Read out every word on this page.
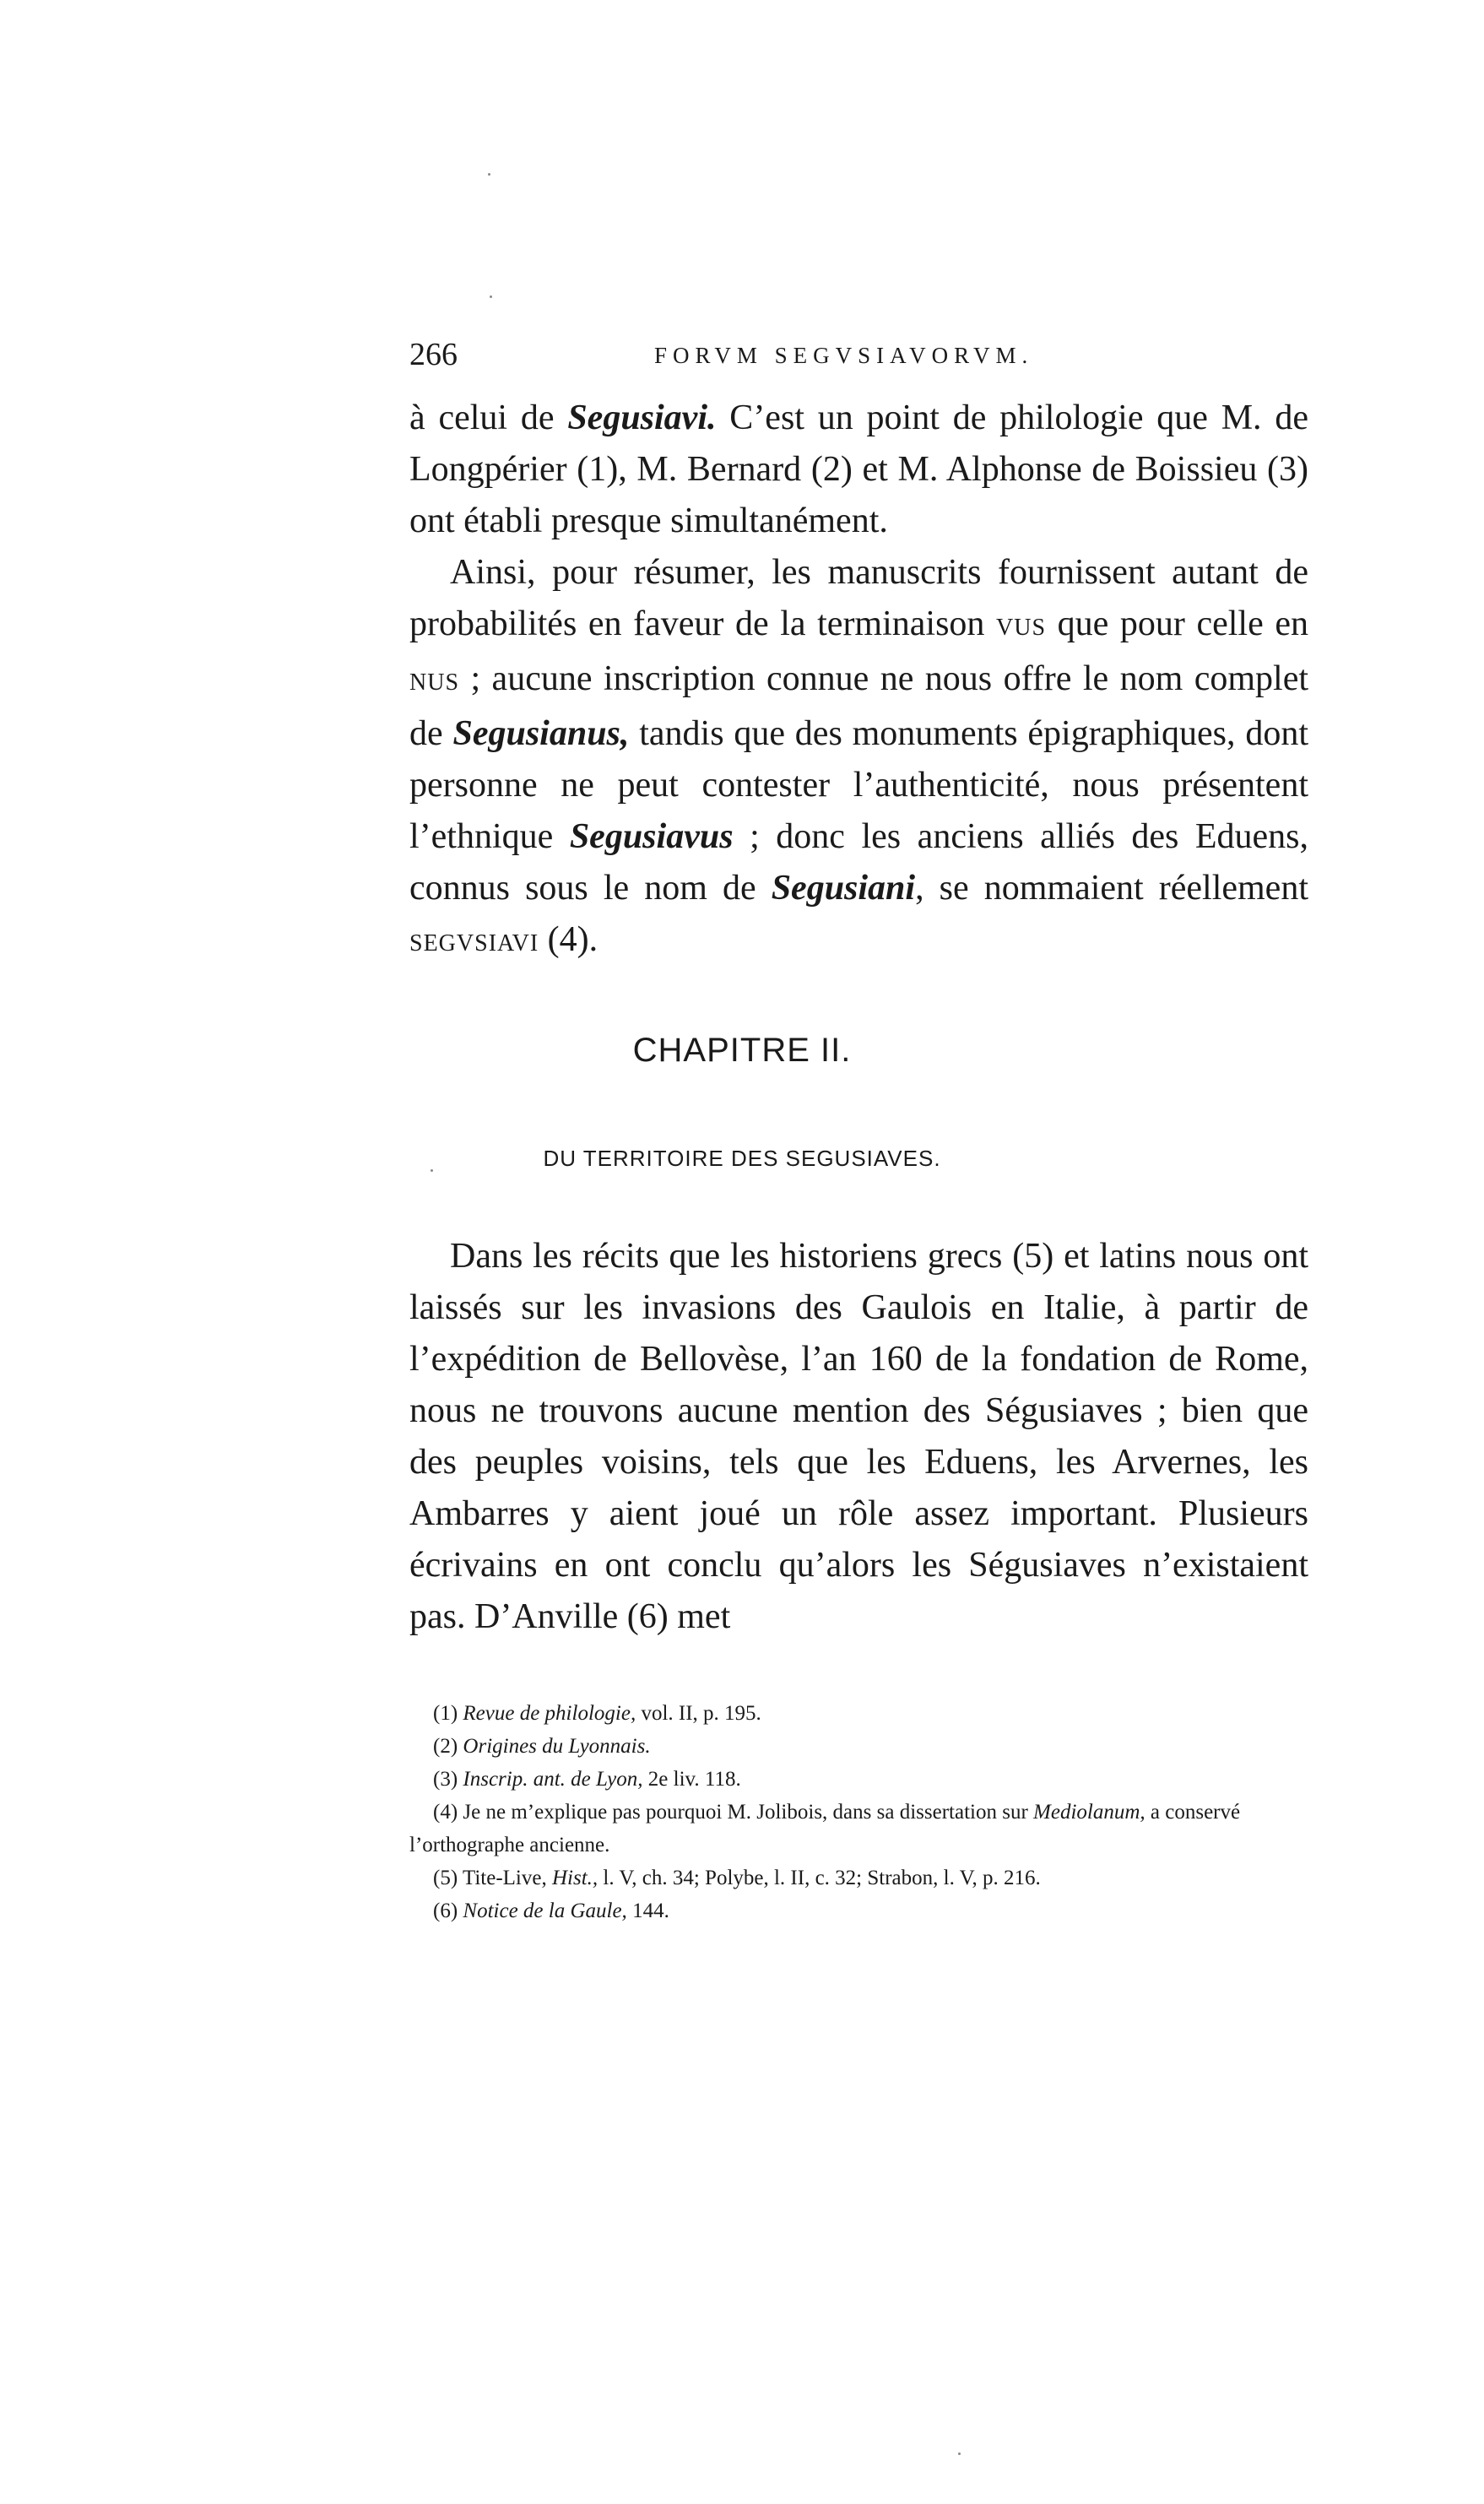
266	FORVM SEGVSIAVORVM.

à celui de Segusiavi. C’est un point de philologie que M. de Longpérier (1), M. Bernard (2) et M. Alphonse de Boissieu (3) ont établi presque simultanément.

Ainsi, pour résumer, les manuscrits fournissent autant de probabilités en faveur de la terminaison VUS que pour celle en NUS ; aucune inscription connue ne nous offre le nom complet de Segusianus, tandis que des monuments épigraphiques, dont personne ne peut contester l’authenticité, nous présentent l’ethnique Segusiavus ; donc les anciens alliés des Eduens, connus sous le nom de Segusiani, se nommaient réellement SEGVSIAVI (4).

CHAPITRE II.
DU TERRITOIRE DES SEGUSIAVES.

Dans les récits que les historiens grecs (5) et latins nous ont laissés sur les invasions des Gaulois en Italie, à partir de l’expédition de Bellovèse, l’an 160 de la fondation de Rome, nous ne trouvons aucune mention des Ségusiaves ; bien que des peuples voisins, tels que les Eduens, les Arvernes, les Ambarres y aient joué un rôle assez important. Plusieurs écrivains en ont conclu qu’alors les Ségusiaves n’existaient pas. D’Anville (6) met

(1) Revue de philologie, vol. II, p. 195.

(2) Origines du Lyonnais.

(3) Inscrip. ant. de Lyon, 2e liv. 118.

(4) Je ne m’explique pas pourquoi M. Jolibois, dans sa dissertation sur Mediolanum, a conservé l’orthographe ancienne.

(5) Tite-Live, Hist., l. V, ch. 34; Polybe, l. II, c. 32; Strabon, l. V, p. 216.

(6) Notice de la Gaule, 144.
